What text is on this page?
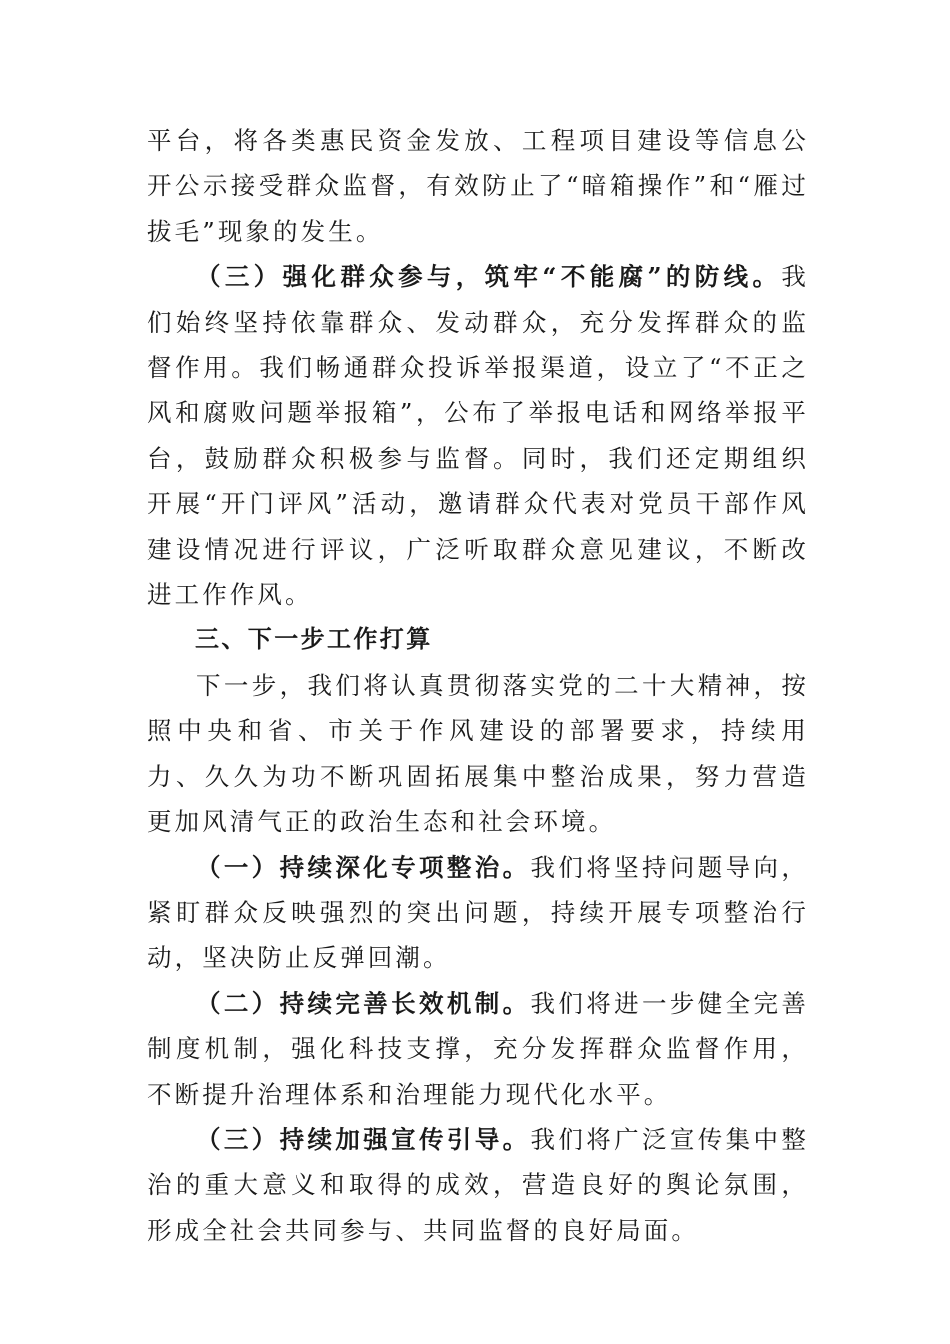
平台，将各类惠民资金发放、工程项目建设等信息公开公示接受群众监督，有效防止了“暗箱操作”和“雁过拔毛”现象的发生。

（三）强化群众参与，筑牢“不能腐”的防线。我们始终坚持依靠群众、发动群众，充分发挥群众的监督作用。我们畅通群众投诉举报渠道，设立了“不正之风和腐败问题举报箱”，公布了举报电话和网络举报平台，鼓励群众积极参与监督。同时，我们还定期组织开展“开门评风”活动，邀请群众代表对党员干部作风建设情况进行评议，广泛听取群众意见建议，不断改进工作作风。

三、下一步工作打算

下一步，我们将认真贯彻落实党的二十大精神，按照中央和省、市关于作风建设的部署要求，持续用力、久久为功不断巩固拓展集中整治成果，努力营造更加风清气正的政治生态和社会环境。

（一）持续深化专项整治。我们将坚持问题导向，紧盯群众反映强烈的突出问题，持续开展专项整治行动，坚决防止反弹回潮。

（二）持续完善长效机制。我们将进一步健全完善制度机制，强化科技支撑，充分发挥群众监督作用，不断提升治理体系和治理能力现代化水平。

（三）持续加强宣传引导。我们将广泛宣传集中整治的重大意义和取得的成效，营造良好的舆论氛围，形成全社会共同参与、共同监督的良好局面。
